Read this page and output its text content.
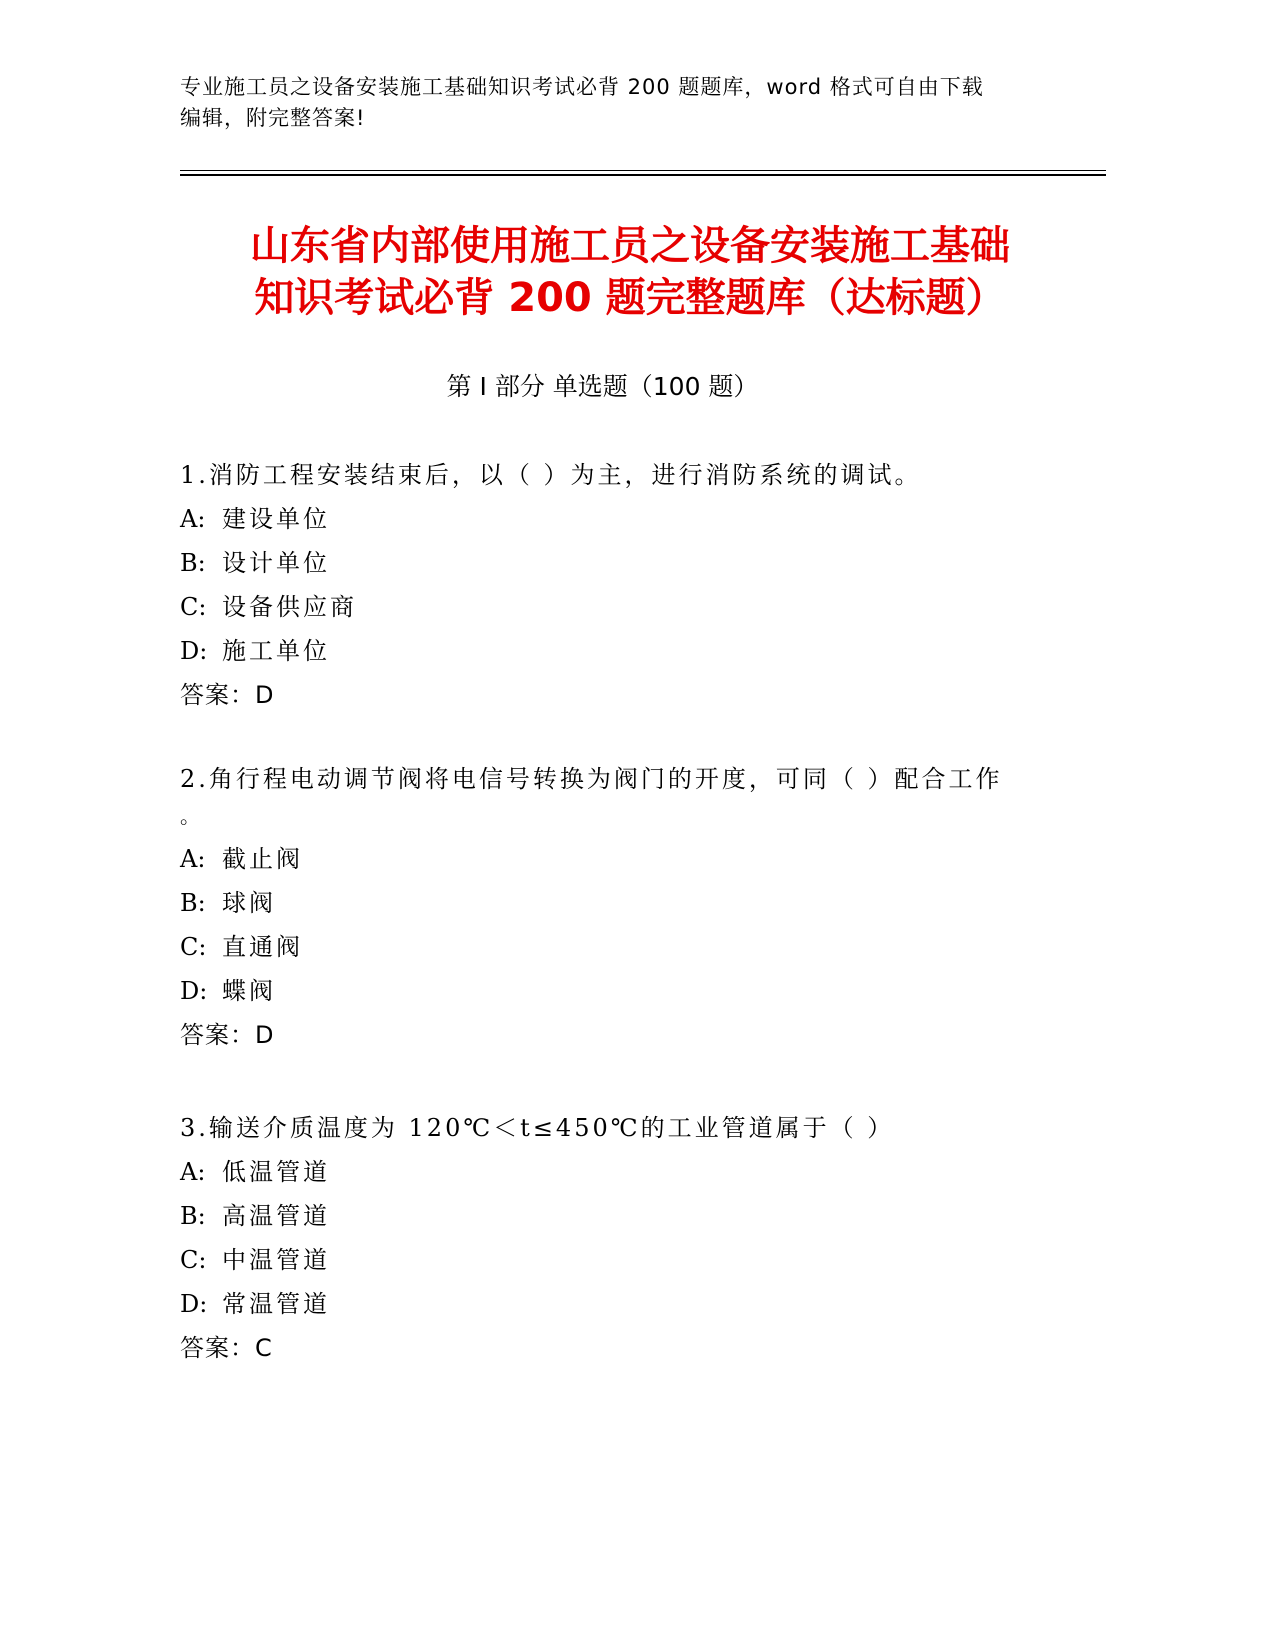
专业施工员之设备安装施工基础知识考试必背 200 题题库，word 格式可自由下载
编辑，附完整答案!
山东省内部使用施工员之设备安装施工基础
知识考试必背 200 题完整题库（达标题）
第 I 部分 单选题（100 题）

1.消防工程安装结束后，以（ ）为主，进行消防系统的调试。

A: 建设单位

B: 设计单位

C: 设备供应商

D: 施工单位

答案：D

2.角行程电动调节阀将电信号转换为阀门的开度，可同（ ）配合工作

。

A: 截止阀

B: 球阀

C: 直通阀

D: 蝶阀

答案：D

3.输送介质温度为 120℃＜t≤450℃的工业管道属于（ ）

A: 低温管道

B: 高温管道

C: 中温管道

D: 常温管道

答案：C
